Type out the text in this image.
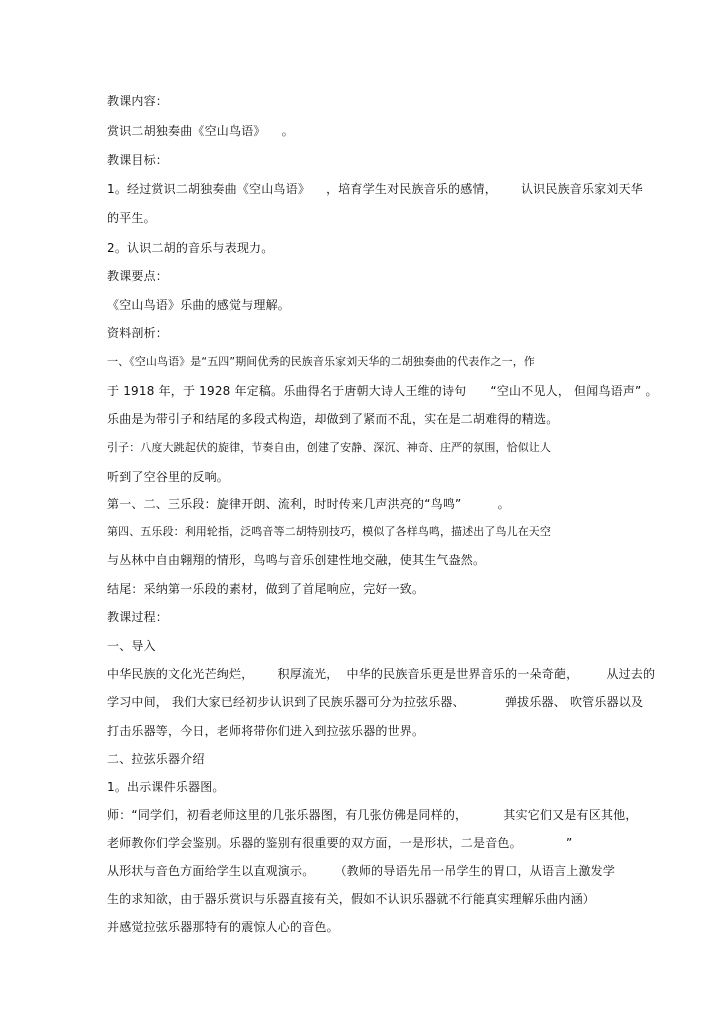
教课内容：
赏识二胡独奏曲《空山鸟语》    。
教课目标：
1。经过赏识二胡独奏曲《空山鸟语》    ，培育学生对民族音乐的感情，      认识民族音乐家刘天华
的平生。
2。认识二胡的音乐与表现力。
教课要点：
《空山鸟语》乐曲的感觉与理解。
资料剖析：
一、《空山鸟语》是“五四”期间优秀的民族音乐家刘天华的二胡独奏曲的代表作之一，作
于 1918 年，于 1928 年定稿。乐曲得名于唐朝大诗人王维的诗句      “空山不见人， 但闻鸟语声” 。
乐曲是为带引子和结尾的多段式构造，却做到了紧而不乱，实在是二胡难得的精选。
引子：八度大跳起伏的旋律，节奏自由，创建了安静、深沉、神奇、庄严的氛围，恰似让人
听到了空谷里的反响。
第一、二、三乐段：旋律开朗、流利，时时传来几声洪亮的“鸟鸣”         。
第四、五乐段：利用轮指，泛鸣音等二胡特别技巧，模似了各样鸟鸣，描述出了鸟儿在天空
与丛林中自由翱翔的情形，鸟鸣与音乐创建性地交融，使其生气盎然。
结尾：采纳第一乐段的素材，做到了首尾响应，完好一致。
教课过程：
一、导入
中华民族的文化光芒绚烂，      积厚流光，  中华的民族音乐更是世界音乐的一朵奇葩，       从过去的
学习中间， 我们大家已经初步认识到了民族乐器可分为拉弦乐器、          弹拔乐器、 吹管乐器以及
打击乐器等，今日，老师将带你们进入到拉弦乐器的世界。
二、拉弦乐器介绍
1。出示课件乐器图。
师：“同学们，初看老师这里的几张乐器图，有几张仿佛是同样的，         其实它们又是有区其他，
老师教你们学会鉴别。乐器的鉴别有很重要的双方面，一是形状，二是音色。           ”
从形状与音色方面给学生以直观演示。     （教师的导语先吊一吊学生的胃口，从语言上激发学
生的求知欲，由于器乐赏识与乐器直接有关，假如不认识乐器就不行能真实理解乐曲内涵）
并感觉拉弦乐器那特有的震惊人心的音色。
